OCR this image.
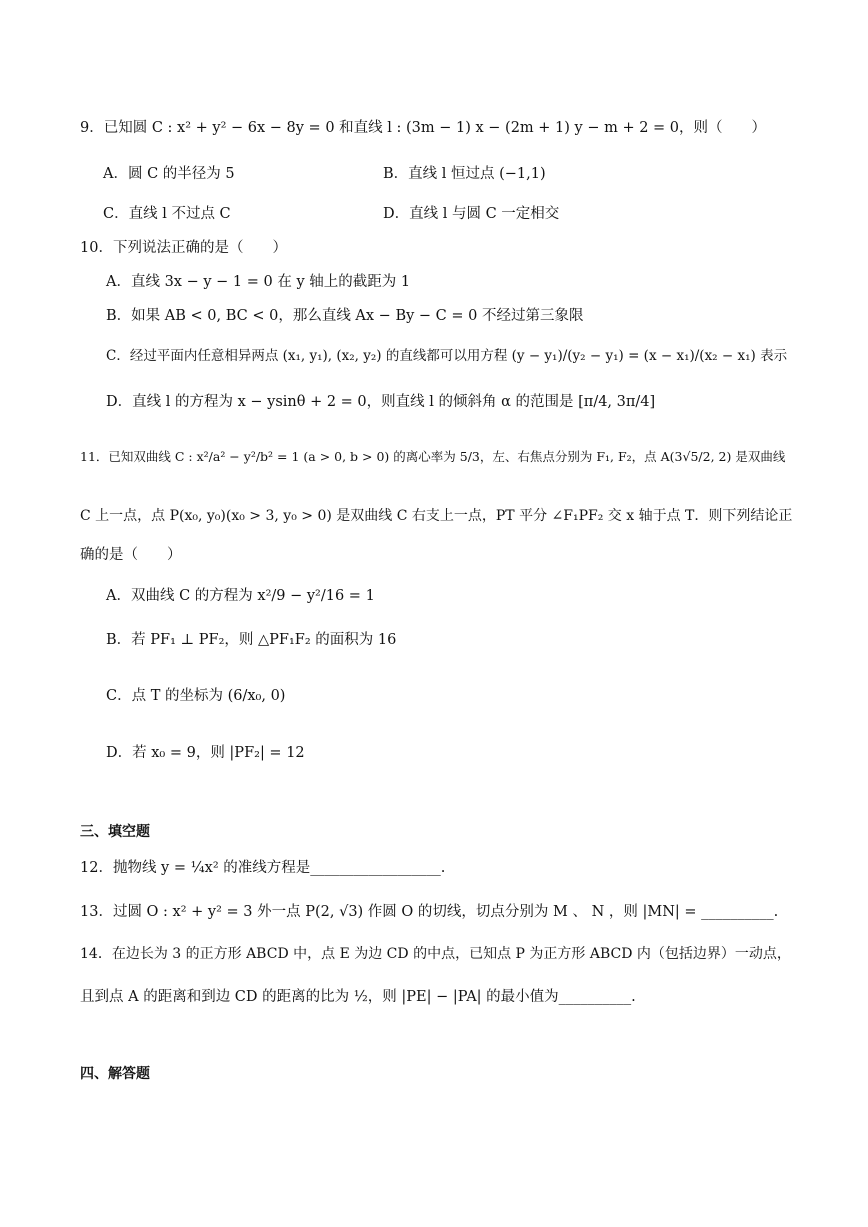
9．已知圆 C : x² + y² − 6x − 8y = 0 和直线 l : (3m − 1) x − (2m + 1) y − m + 2 = 0，则（　　）
A．圆 C 的半径为 5	B．直线 l 恒过点 (−1,1)
C．直线 l 不过点 C	D．直线 l 与圆 C 一定相交
10．下列说法正确的是（　　）
A．直线 3x − y − 1 = 0 在 y 轴上的截距为 1
B．如果 AB < 0, BC < 0，那么直线 Ax − By − C = 0 不经过第三象限
C．经过平面内任意相异两点 (x₁, y₁), (x₂, y₂) 的直线都可以用方程 (y − y₁)/(y₂ − y₁) = (x − x₁)/(x₂ − x₁) 表示
D．直线 l 的方程为 x − ysinθ + 2 = 0，则直线 l 的倾斜角 α 的范围是 [π/4, 3π/4]
11．已知双曲线 C : x²/a² − y²/b² = 1 (a > 0, b > 0) 的离心率为 5/3，左、右焦点分别为 F₁, F₂，点 A(3√5/2, 2) 是双曲线
C 上一点，点 P(x₀, y₀)(x₀ > 3, y₀ > 0) 是双曲线 C 右支上一点，PT 平分 ∠F₁PF₂ 交 x 轴于点 T．则下列结论正
确的是（　　）
A．双曲线 C 的方程为 x²/9 − y²/16 = 1
B．若 PF₁ ⊥ PF₂，则 △PF₁F₂ 的面积为 16
C．点 T 的坐标为 (6/x₀, 0)
D．若 x₀ = 9，则 |PF₂| = 12
三、填空题
12．抛物线 y = ¼x² 的准线方程是__________________.
13．过圆 O : x² + y² = 3 外一点 P(2, √3) 作圆 O 的切线，切点分别为 M 、 N ，则 |MN| = __________.
14．在边长为 3 的正方形 ABCD 中，点 E 为边 CD 的中点，已知点 P 为正方形 ABCD 内（包括边界）一动点，
且到点 A 的距离和到边 CD 的距离的比为 ½，则 |PE| − |PA| 的最小值为__________.
四、解答题
